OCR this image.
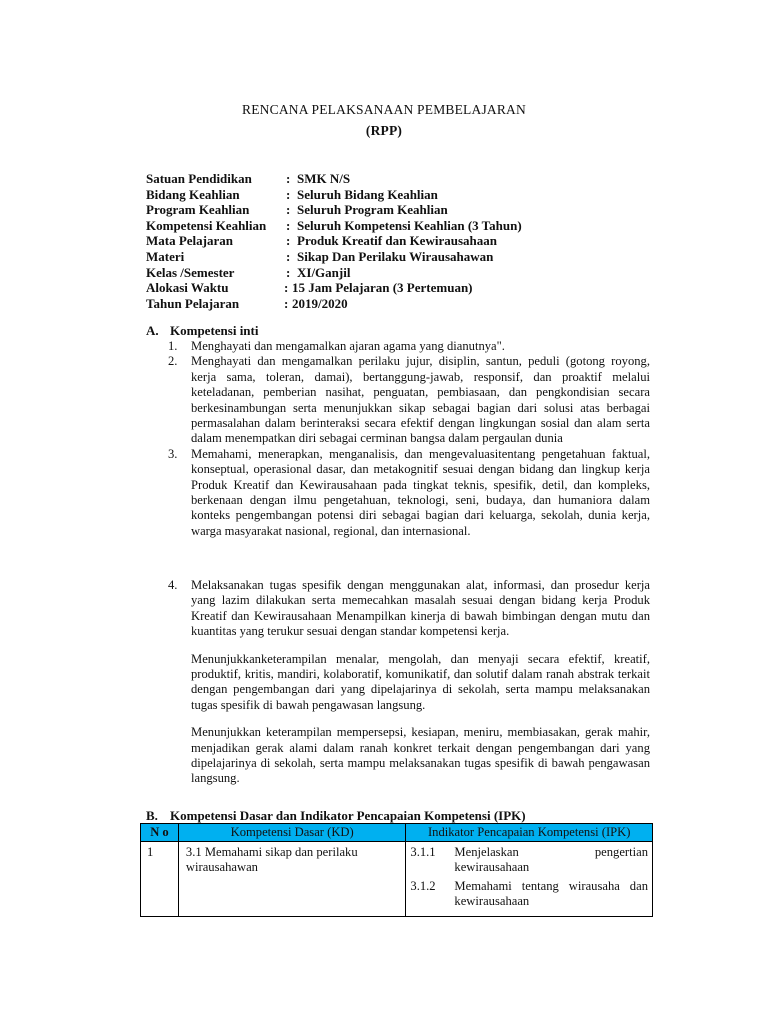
RENCANA PELAKSANAAN PEMBELAJARAN
(RPP)
Satuan Pendidikan	: SMK N/S
Bidang Keahlian	: Seluruh Bidang Keahlian
Program Keahlian	: Seluruh Program Keahlian
Kompetensi Keahlian : Seluruh Kompetensi Keahlian (3 Tahun)
Mata Pelajaran	: Produk Kreatif dan Kewirausahaan
Materi	: Sikap Dan Perilaku Wirausahawan
Kelas /Semester	: XI/Ganjil
Alokasi Waktu	: 15 Jam Pelajaran (3 Pertemuan)
Tahun Pelajaran	: 2019/2020
A. Kompetensi inti
1. Menghayati dan mengamalkan ajaran agama yang dianutnya".
2. Menghayati dan mengamalkan perilaku jujur, disiplin, santun, peduli (gotong royong, kerja sama, toleran, damai), bertanggung-jawab, responsif, dan proaktif melalui keteladanan, pemberian nasihat, penguatan, pembiasaan, dan pengkondisian secara berkesinambungan serta menunjukkan sikap sebagai bagian dari solusi atas berbagai permasalahan dalam berinteraksi secara efektif dengan lingkungan sosial dan alam serta dalam menempatkan diri sebagai cerminan bangsa dalam pergaulan dunia
3. Memahami, menerapkan, menganalisis, dan mengevaluasitentang pengetahuan faktual, konseptual, operasional dasar, dan metakognitif sesuai dengan bidang dan lingkup kerja Produk Kreatif dan Kewirausahaan pada tingkat teknis, spesifik, detil, dan kompleks, berkenaan dengan ilmu pengetahuan, teknologi, seni, budaya, dan humaniora dalam konteks pengembangan potensi diri sebagai bagian dari keluarga, sekolah, dunia kerja, warga masyarakat nasional, regional, dan internasional.
4. Melaksanakan tugas spesifik dengan menggunakan alat, informasi, dan prosedur kerja yang lazim dilakukan serta memecahkan masalah sesuai dengan bidang kerja Produk Kreatif dan Kewirausahaan Menampilkan kinerja di bawah bimbingan dengan mutu dan kuantitas yang terukur sesuai dengan standar kompetensi kerja.
Menunjukkanketerampilan menalar, mengolah, dan menyaji secara efektif, kreatif, produktif, kritis, mandiri, kolaboratif, komunikatif, dan solutif dalam ranah abstrak terkait dengan pengembangan dari yang dipelajarinya di sekolah, serta mampu melaksanakan tugas spesifik di bawah pengawasan langsung.
Menunjukkan keterampilan mempersepsi, kesiapan, meniru, membiasakan, gerak mahir, menjadikan gerak alami dalam ranah konkret terkait dengan pengembangan dari yang dipelajarinya di sekolah, serta mampu melaksanakan tugas spesifik di bawah pengawasan langsung.
B. Kompetensi Dasar dan Indikator Pencapaian Kompetensi (IPK)
N o	Kompetensi Dasar (KD)	Indikator Pencapaian Kompetensi (IPK)
1	3.1 Memahami sikap dan perilaku wirausahawan	3.1.1 Menjelaskan pengertian kewirausahaan
3.1.2 Memahami tentang wirausaha dan kewirausahaan
